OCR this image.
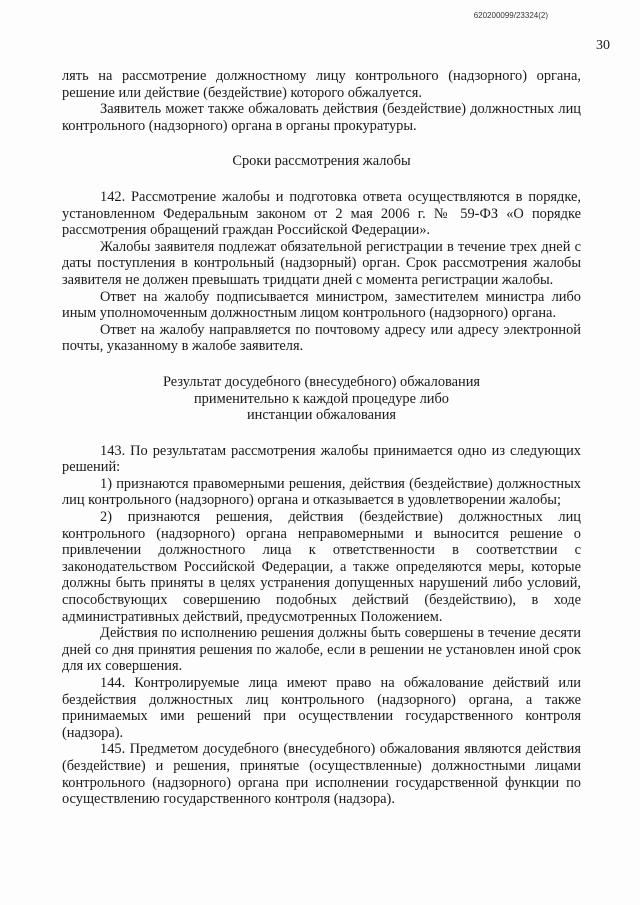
620200099/23324(2)
30

лять на рассмотрение должностному лицу контрольного (надзорного) органа, решение или действие (бездействие) которого обжалуется.

Заявитель может также обжаловать действия (бездействие) должностных лиц контрольного (надзорного) органа в органы прокуратуры.

Сроки рассмотрения жалобы

142. Рассмотрение жалобы и подготовка ответа осуществляются в порядке, установленном Федеральным законом от 2 мая 2006 г. № 59-ФЗ «О порядке рассмотрения обращений граждан Российской Федерации».

Жалобы заявителя подлежат обязательной регистрации в течение трех дней с даты поступления в контрольный (надзорный) орган. Срок рассмотрения жалобы заявителя не должен превышать тридцати дней с момента регистрации жалобы.

Ответ на жалобу подписывается министром, заместителем министра либо иным уполномоченным должностным лицом контрольного (надзорного) органа.

Ответ на жалобу направляется по почтовому адресу или адресу электронной почты, указанному в жалобе заявителя.

Результат досудебного (внесудебного) обжалования
применительно к каждой процедуре либо
инстанции обжалования

143. По результатам рассмотрения жалобы принимается одно из следующих решений:

1) признаются правомерными решения, действия (бездействие) должностных лиц контрольного (надзорного) органа и отказывается в удовлетворении жалобы;

2) признаются решения, действия (бездействие) должностных лиц контрольного (надзорного) органа неправомерными и выносится решение о привлечении должностного лица к ответственности в соответствии с законодательством Российской Федерации, а также определяются меры, которые должны быть приняты в целях устранения допущенных нарушений либо условий, способствующих совершению подобных действий (бездействию), в ходе административных действий, предусмотренных Положением.

Действия по исполнению решения должны быть совершены в течение десяти дней со дня принятия решения по жалобе, если в решении не установлен иной срок для их совершения.

144. Контролируемые лица имеют право на обжалование действий или бездействия должностных лиц контрольного (надзорного) органа, а также принимаемых ими решений при осуществлении государственного контроля (надзора).

145. Предметом досудебного (внесудебного) обжалования являются действия (бездействие) и решения, принятые (осуществленные) должностными лицами контрольного (надзорного) органа при исполнении государственной функции по осуществлению государственного контроля (надзора).
